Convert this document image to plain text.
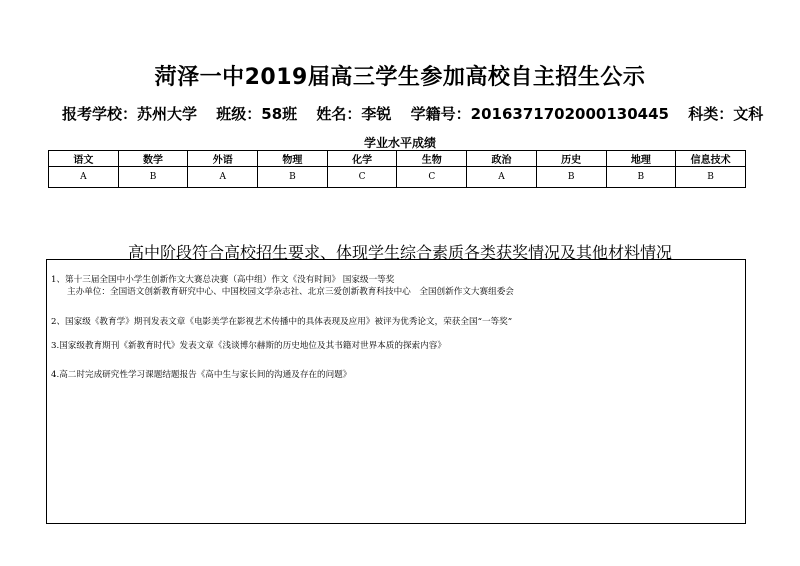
菏泽一中2019届高三学生参加高校自主招生公示
报考学校：苏州大学 班级：58班 姓名：李锐 学籍号：2016371702000130445 科类：文科
学业水平成绩
语文	数学	外语	物理	化学	生物	政治	历史	地理	信息技术
A	B	A	B	C	C	A	B	B	B
高中阶段符合高校招生要求、体现学生综合素质各类获奖情况及其他材料情况
1、第十三届全国中小学生创新作文大赛总决赛（高中组）作文《没有时间》 国家级一等奖
主办单位：全国语文创新教育研究中心、中国校园文学杂志社、北京三爱创新教育科技中心　全国创新作文大赛组委会
2、国家级《教育学》期刊发表文章《电影美学在影视艺术传播中的具体表现及应用》被评为优秀论文，荣获全国“一等奖”
3.国家级教育期刊《新教育时代》发表文章《浅谈博尔赫斯的历史地位及其书籍对世界本质的探索内容》
4.高二时完成研究性学习课题结题报告《高中生与家长间的沟通及存在的问题》
